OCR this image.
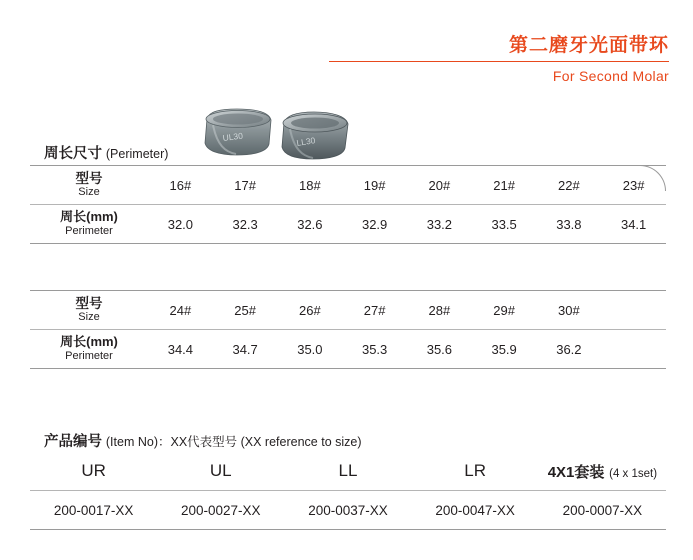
第二磨牙光面带环
For Second Molar
UL30	LL30
周长尺寸 (Perimeter)
型号
Size	16#	17#	18#	19#	20#	21#	22#	23#

周长(mm)
Perimeter	32.0	32.3	32.6	32.9	33.2	33.5	33.8	34.1
型号
Size	24#	25#	26#	27#	28#	29#	30#	

周长(mm)
Perimeter	34.4	34.7	35.0	35.3	35.6	35.9	36.2	
产品编号 (Item No)：XX代表型号 (XX reference to size)
UR	UL	LL	LR	4X1套装 (4 x 1set)
200-0017-XX	200-0027-XX	200-0037-XX	200-0047-XX	200-0007-XX
